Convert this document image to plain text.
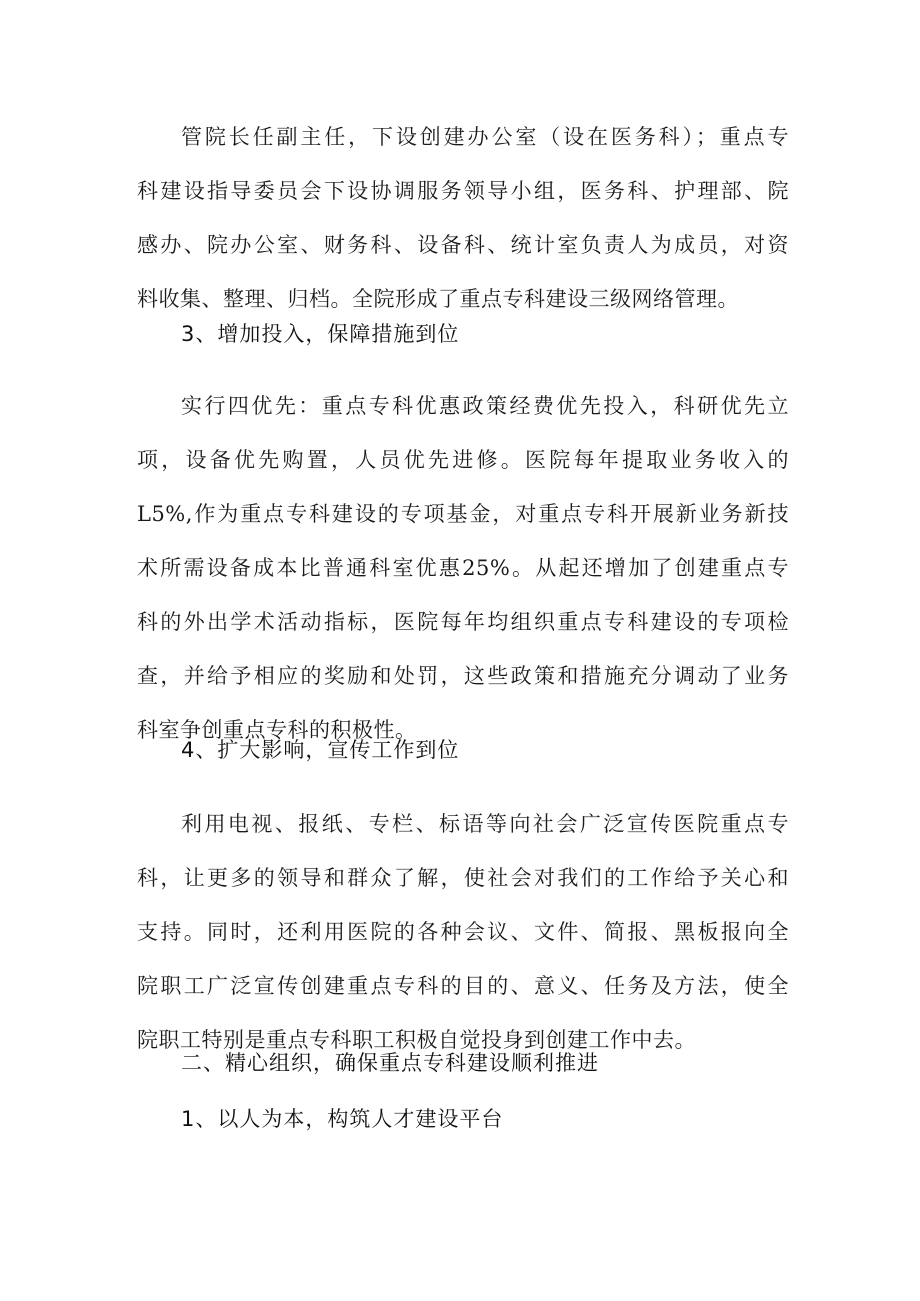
管院长任副主任，下设创建办公室（设在医务科）；重点专
科建设指导委员会下设协调服务领导小组，医务科、护理部、院
感办、院办公室、财务科、设备科、统计室负责人为成员，对资
料收集、整理、归档。全院形成了重点专科建设三级网络管理。
3、增加投入，保障措施到位
实行四优先：重点专科优惠政策经费优先投入，科研优先立
项，设备优先购置，人员优先进修。医院每年提取业务收入的
L5%,作为重点专科建设的专项基金，对重点专科开展新业务新技
术所需设备成本比普通科室优惠25%。从起还增加了创建重点专
科的外出学术活动指标，医院每年均组织重点专科建设的专项检
查，并给予相应的奖励和处罚，这些政策和措施充分调动了业务
科室争创重点专科的积极性。
4、扩大影响，宣传工作到位
利用电视、报纸、专栏、标语等向社会广泛宣传医院重点专
科，让更多的领导和群众了解，使社会对我们的工作给予关心和
支持。同时，还利用医院的各种会议、文件、简报、黑板报向全
院职工广泛宣传创建重点专科的目的、意义、任务及方法，使全
院职工特别是重点专科职工积极自觉投身到创建工作中去。
二、精心组织，确保重点专科建设顺利推进
1、以人为本，构筑人才建设平台
